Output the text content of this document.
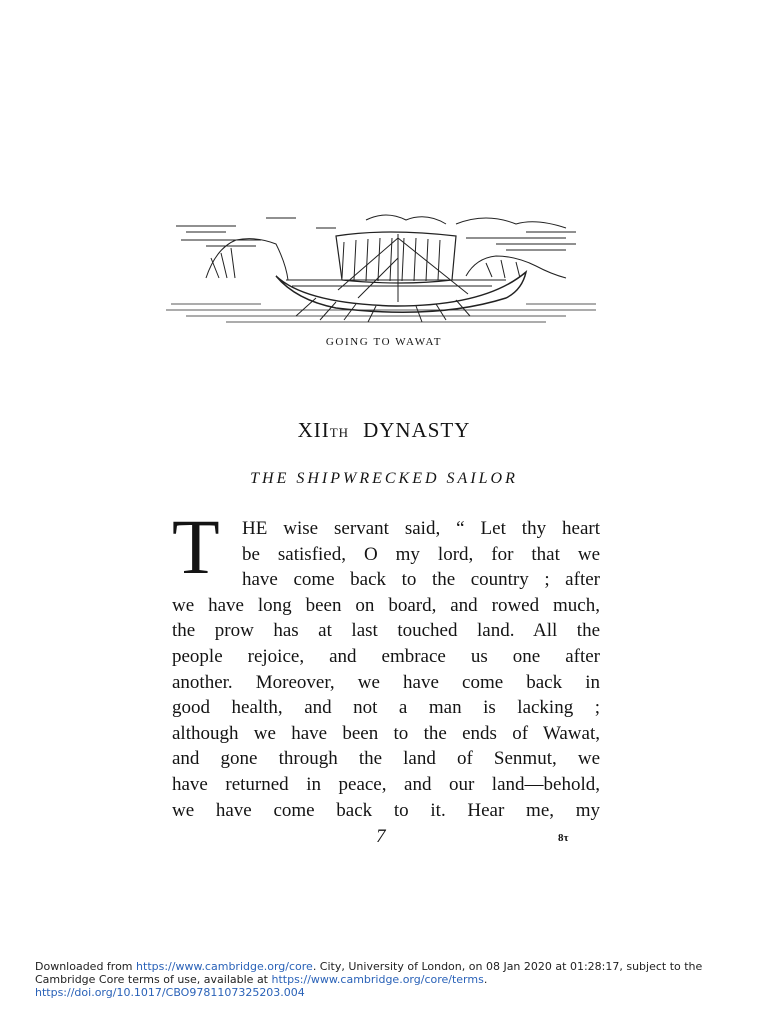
GOING TO WAWAT
XIITH DYNASTY
THE SHIPWRECKED SAILOR
T HE wise servant said, “ Let thy heart
be satisfied, O my lord, for that we
have come back to the country ; after
we have long been on board, and rowed much,
the prow has at last touched land. All the
people rejoice, and embrace us one after
another. Moreover, we have come back in
good health, and not a man is lacking ;
although we have been to the ends of Wawat,
and gone through the land of Senmut, we
have returned in peace, and our land—behold,
we have come back to it. Hear me, my
7	8τ
Downloaded from https://www.cambridge.org/core. City, University of London, on 08 Jan 2020 at 01:28:17, subject to the Cambridge Core terms of use, available at https://www.cambridge.org/core/terms.
https://doi.org/10.1017/CBO9781107325203.004
